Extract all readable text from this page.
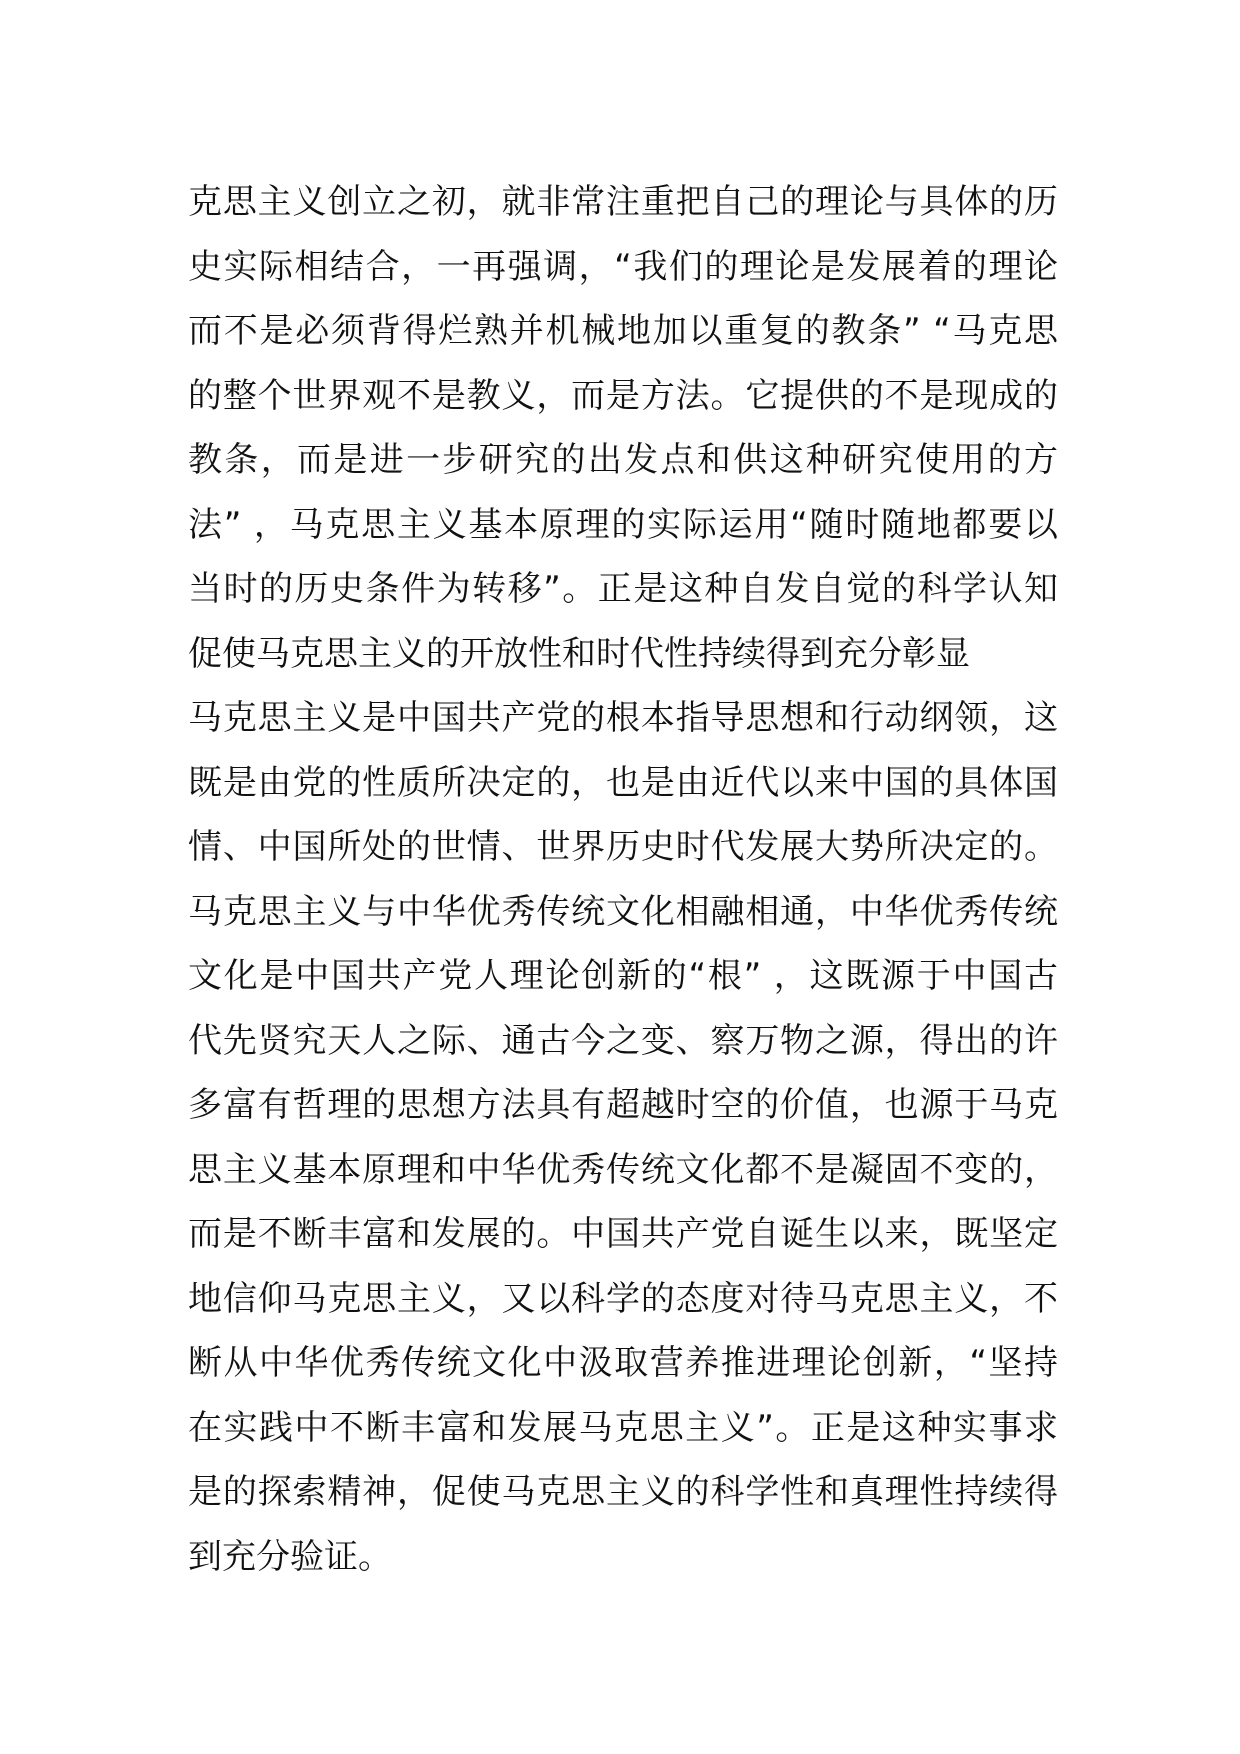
克思主义创立之初，就非常注重把自己的理论与具体的历
史实际相结合，一再强调，“我们的理论是发展着的理论
而不是必须背得烂熟并机械地加以重复的教条” “马克思
的整个世界观不是教义，而是方法。它提供的不是现成的
教条，而是进一步研究的出发点和供这种研究使用的方
法” ，马克思主义基本原理的实际运用“随时随地都要以
当时的历史条件为转移”。正是这种自发自觉的科学认知
促使马克思主义的开放性和时代性持续得到充分彰显
马克思主义是中国共产党的根本指导思想和行动纲领，这
既是由党的性质所决定的，也是由近代以来中国的具体国
情、中国所处的世情、世界历史时代发展大势所决定的。
马克思主义与中华优秀传统文化相融相通，中华优秀传统
文化是中国共产党人理论创新的“根” ，这既源于中国古
代先贤究天人之际、通古今之变、察万物之源，得出的许
多富有哲理的思想方法具有超越时空的价值，也源于马克
思主义基本原理和中华优秀传统文化都不是凝固不变的，
而是不断丰富和发展的。中国共产党自诞生以来，既坚定
地信仰马克思主义，又以科学的态度对待马克思主义，不
断从中华优秀传统文化中汲取营养推进理论创新，“坚持
在实践中不断丰富和发展马克思主义”。正是这种实事求
是的探索精神，促使马克思主义的科学性和真理性持续得
到充分验证。
